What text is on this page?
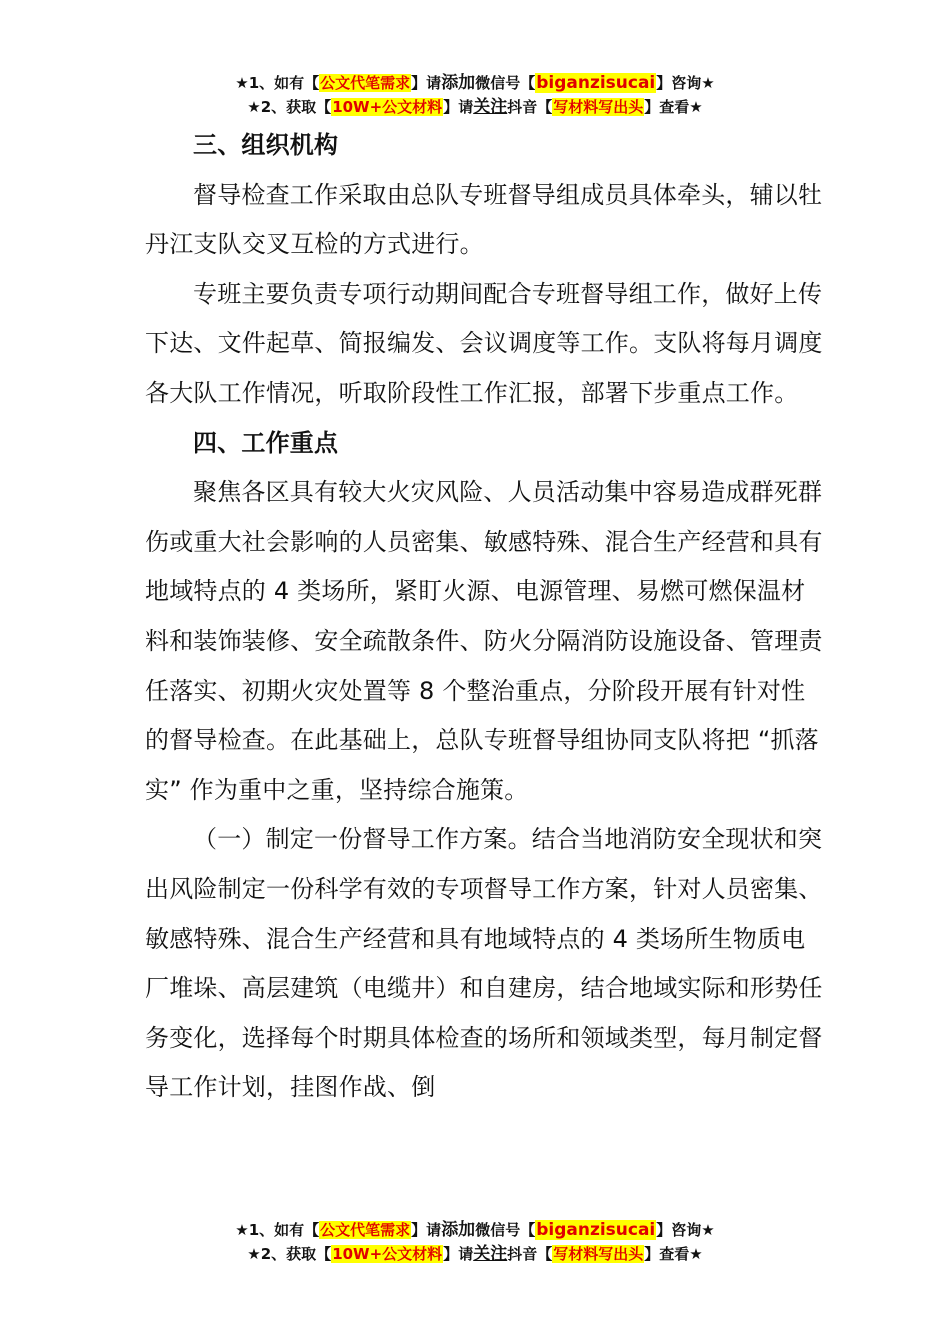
★1、如有【公文代笔需求】请添加微信号【biganzisucai】咨询★
★2、获取【10W+公文材料】请关注抖音【写材料写出头】查看★
三、组织机构

督导检查工作采取由总队专班督导组成员具体牵头，辅以牡丹江支队交叉互检的方式进行。

专班主要负责专项行动期间配合专班督导组工作，做好上传下达、文件起草、简报编发、会议调度等工作。支队将每月调度各大队工作情况，听取阶段性工作汇报，部署下步重点工作。

四、工作重点

聚焦各区具有较大火灾风险、人员活动集中容易造成群死群伤或重大社会影响的人员密集、敏感特殊、混合生产经营和具有地域特点的 4 类场所，紧盯火源、电源管理、易燃可燃保温材料和装饰装修、安全疏散条件、防火分隔消防设施设备、管理责任落实、初期火灾处置等 8 个整治重点，分阶段开展有针对性的督导检查。在此基础上，总队专班督导组协同支队将把 “抓落实” 作为重中之重，坚持综合施策。

（一）制定一份督导工作方案。结合当地消防安全现状和突出风险制定一份科学有效的专项督导工作方案，针对人员密集、敏感特殊、混合生产经营和具有地域特点的 4 类场所生物质电厂堆垛、高层建筑（电缆井）和自建房，结合地域实际和形势任务变化，选择每个时期具体检查的场所和领域类型，每月制定督导工作计划，挂图作战、倒

★1、如有【公文代笔需求】请添加微信号【biganzisucai】咨询★
★2、获取【10W+公文材料】请关注抖音【写材料写出头】查看★
